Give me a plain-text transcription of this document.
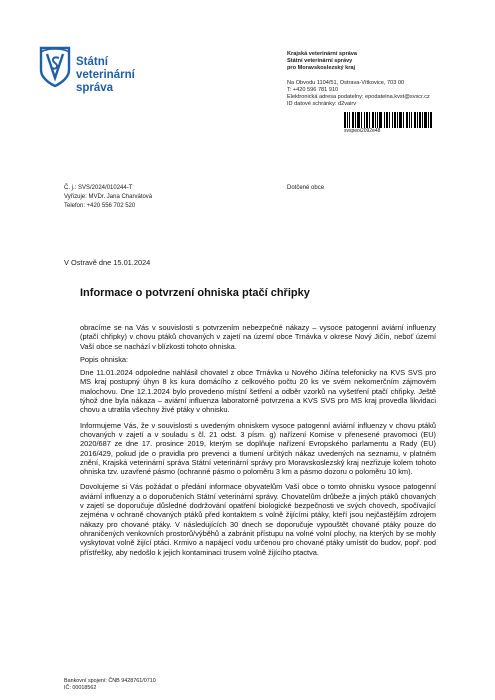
Státní
veterinární
správa
Krajská veterinární správa
Státní veterinární správy
pro Moravskoslezský kraj
Na Obvodu 1104/51, Ostrava-Vítkovice, 703 00
T: +420 596 781 910
Elektronická adresa podatelny: epodatelna.kvst@svscr.cz
ID datové schránky: d2vairv
svspeoi2092e48
Č. j.: SVS/2024/010244-T
Vyřizuje: MVDr. Jana Charvátová
Telefon: +420 556 702 520
Dotčené obce
V Ostravě dne 15.01.2024
Informace o potvrzení ohniska ptačí chřipky

obracíme se na Vás v souvislosti s potvrzením nebezpečné nákazy – vysoce patogenní aviární influenzy (ptačí chřipky) v chovu ptáků chovaných v zajetí na území obce Trnávka v okrese Nový Jičín, neboť území Vaší obce se nachází v blízkosti tohoto ohniska.

Popis ohniska:

Dne 11.01.2024 odpoledne nahlásil chovatel z obce Trnávka u Nového Jičína telefonicky na KVS SVS pro MS kraj postupný úhyn 8 ks kura domácího z celkového počtu 20 ks ve svém nekomerčním zájmovém malochovu. Dne 12.1.2024 bylo provedeno místní šetření a odběr vzorků na vyšetření ptačí chřipky. Ještě týhož dne byla nákaza – aviární influenza laboratorně potvrzena a KVS SVS pro MS kraj provedla likvidaci chovu a utratila všechny živé ptáky v ohnisku.

Informujeme Vás, že v souvislosti s uvedeným ohniskem vysoce patogenní aviární influenzy v chovu ptáků chovaných v zajetí a v souladu s čl. 21 odst. 3 písm. g) nařízení Komise v přenesené pravomoci (EU) 2020/687 ze dne 17. prosince 2019, kterým se doplňuje nařízení Evropského parlamentu a Rady (EU) 2016/429, pokud jde o pravidla pro prevenci a tlumení určitých nákaz uvedených na seznamu, v platném znění, Krajská veterinární správa Státní veterinární správy pro Moravskoslezský kraj nezřizuje kolem tohoto ohniska tzv. uzavřené pásmo (ochranné pásmo o poloměru 3 km a pásmo dozoru o poloměru 10 km).

Dovolujeme si Vás požádat o předání informace obyvatelům Vaší obce o tomto ohnisku vysoce patogenní aviární influenzy a o doporučeních Státní veterinární správy. Chovatelům drůbeže a jiných ptáků chovaných v zajetí se doporučuje důsledné dodržování opatření biologické bezpečnosti ve svých chovech, spočívající zejména v ochraně chovaných ptáků před kontaktem s volně žijícími ptáky, kteří jsou nejčastějším zdrojem nákazy pro chované ptáky. V následujících 30 dnech se doporučuje vypouštět chované ptáky pouze do ohraničených venkovních prostorů/výběhů a zabránit přístupu na volné volní plochy, na kterých by se mohly vyskytovat volně žijící ptáci. Krmivo a napájecí vodu určenou pro chované ptáky umístit do budov, popř. pod přístřešky, aby nedošlo k jejich kontaminaci trusem volně žijícího ptactva.

Bankovní spojení: ČNB 9428761/0710
IČ: 00018562
